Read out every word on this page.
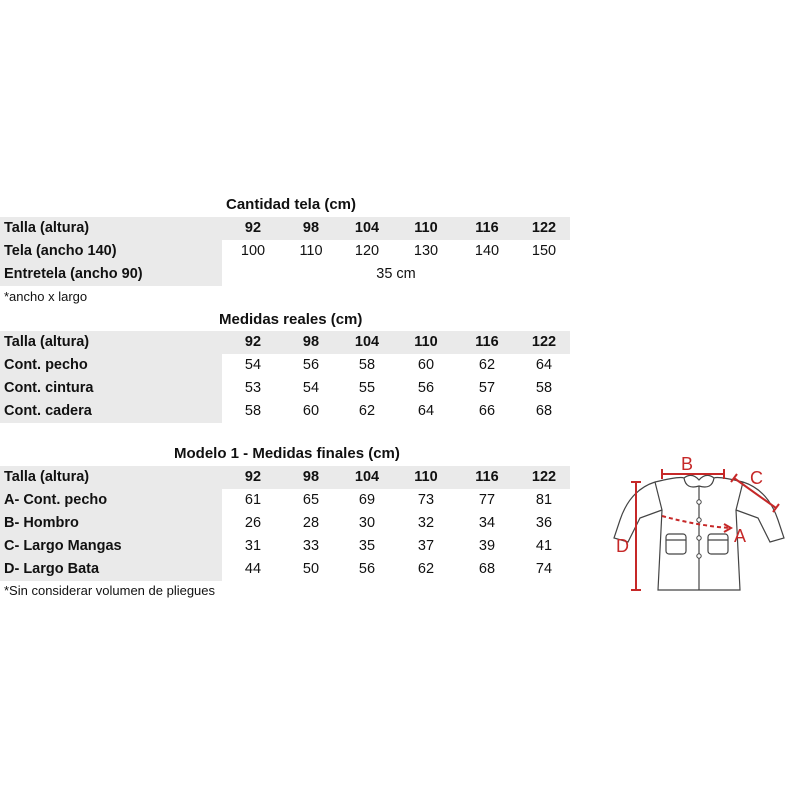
Cantidad tela (cm)
Talla (altura)	92	98	104	110	116	122
Tela (ancho 140)	100	110	120	130	140	150
Entretela (ancho 90)	35 cm
*ancho x largo
Medidas reales (cm)
Talla (altura)	92	98	104	110	116	122
Cont. pecho	54	56	58	60	62	64
Cont. cintura	53	54	55	56	57	58
Cont. cadera	58	60	62	64	66	68
Modelo 1 - Medidas finales (cm)
Talla (altura)	92	98	104	110	116	122
A- Cont. pecho	61	65	69	73	77	81
B- Hombro	26	28	30	32	34	36
C- Largo Mangas	31	33	35	37	39	41
D- Largo Bata	44	50	56	62	68	74
*Sin considerar volumen de pliegues
B
C
D	A
